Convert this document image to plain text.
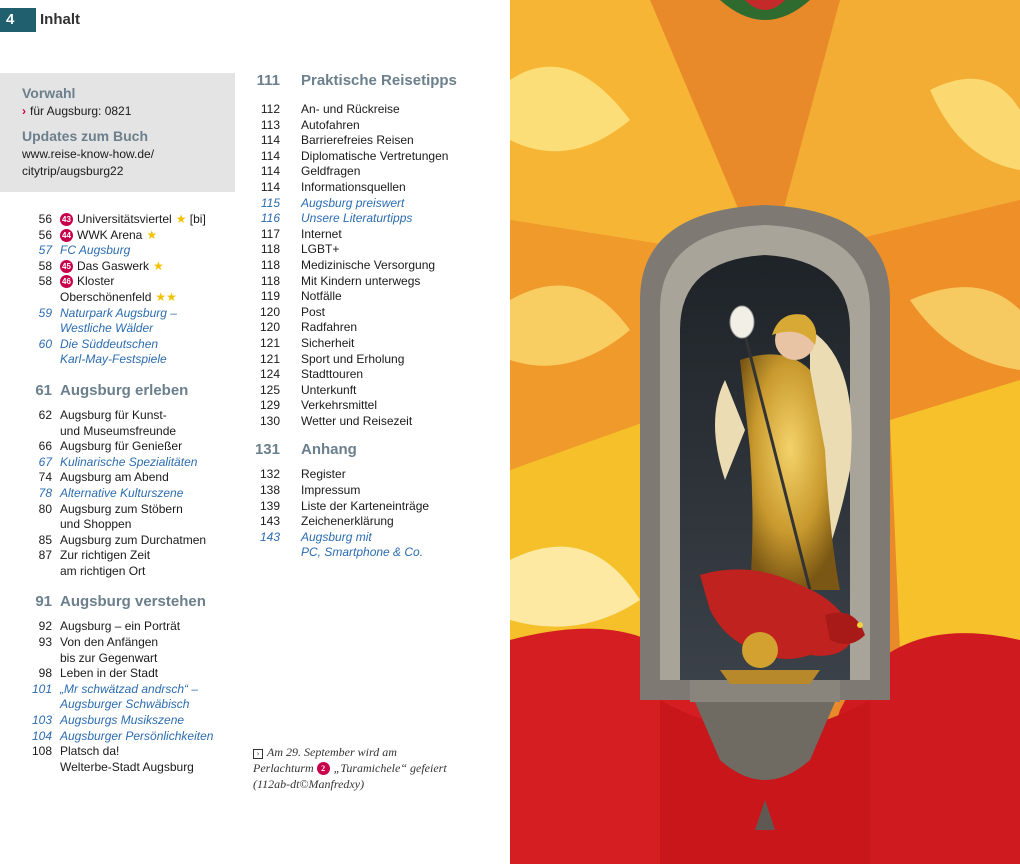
4	Inhalt
Vorwahl
› für Augsburg: 0821
Updates zum Buch
www.reise-know-how.de/
citytrip/augsburg22
56 43 Universitätsviertel ★ [bi]
56 44 WWK Arena ★
57 FC Augsburg
58 45 Das Gaswerk ★
58 46 Kloster
Oberschönenfeld ★★
59 Naturpark Augsburg –
Westliche Wälder
60 Die Süddeutschen
Karl-May-Festspiele
61 Augsburg erleben
62 Augsburg für Kunst-
und Museumsfreunde
66 Augsburg für Genießer
67 Kulinarische Spezialitäten
74 Augsburg am Abend
78 Alternative Kulturszene
80 Augsburg zum Stöbern
und Shoppen
85 Augsburg zum Durchatmen
87 Zur richtigen Zeit
am richtigen Ort
91 Augsburg verstehen
92 Augsburg – ein Porträt
93 Von den Anfängen
bis zur Gegenwart
98 Leben in der Stadt
101 „Mr schwätzad andrsch“ –
Augsburger Schwäbisch
103 Augsburgs Musikszene
104 Augsburger Persönlichkeiten
108 Platsch da!
Welterbe-Stadt Augsburg
111 Praktische Reisetipps
112 An- und Rückreise
113 Autofahren
114 Barrierefreies Reisen
114 Diplomatische Vertretungen
114 Geldfragen
114 Informationsquellen
115 Augsburg preiswert
116 Unsere Literaturtipps
117 Internet
118 LGBT+
118 Medizinische Versorgung
118 Mit Kindern unterwegs
119 Notfälle
120 Post
120 Radfahren
121 Sicherheit
121 Sport und Erholung
124 Stadttouren
125 Unterkunft
129 Verkehrsmittel
130 Wetter und Reisezeit
131 Anhang
132 Register
138 Impressum
139 Liste der Karteneinträge
143 Zeichenerklärung
143 Augsburg mit
PC, Smartphone & Co.
› Am 29. September wird am Perlachturm 2 „Turamichele“ gefeiert (112ab-dt©Manfredxy)
